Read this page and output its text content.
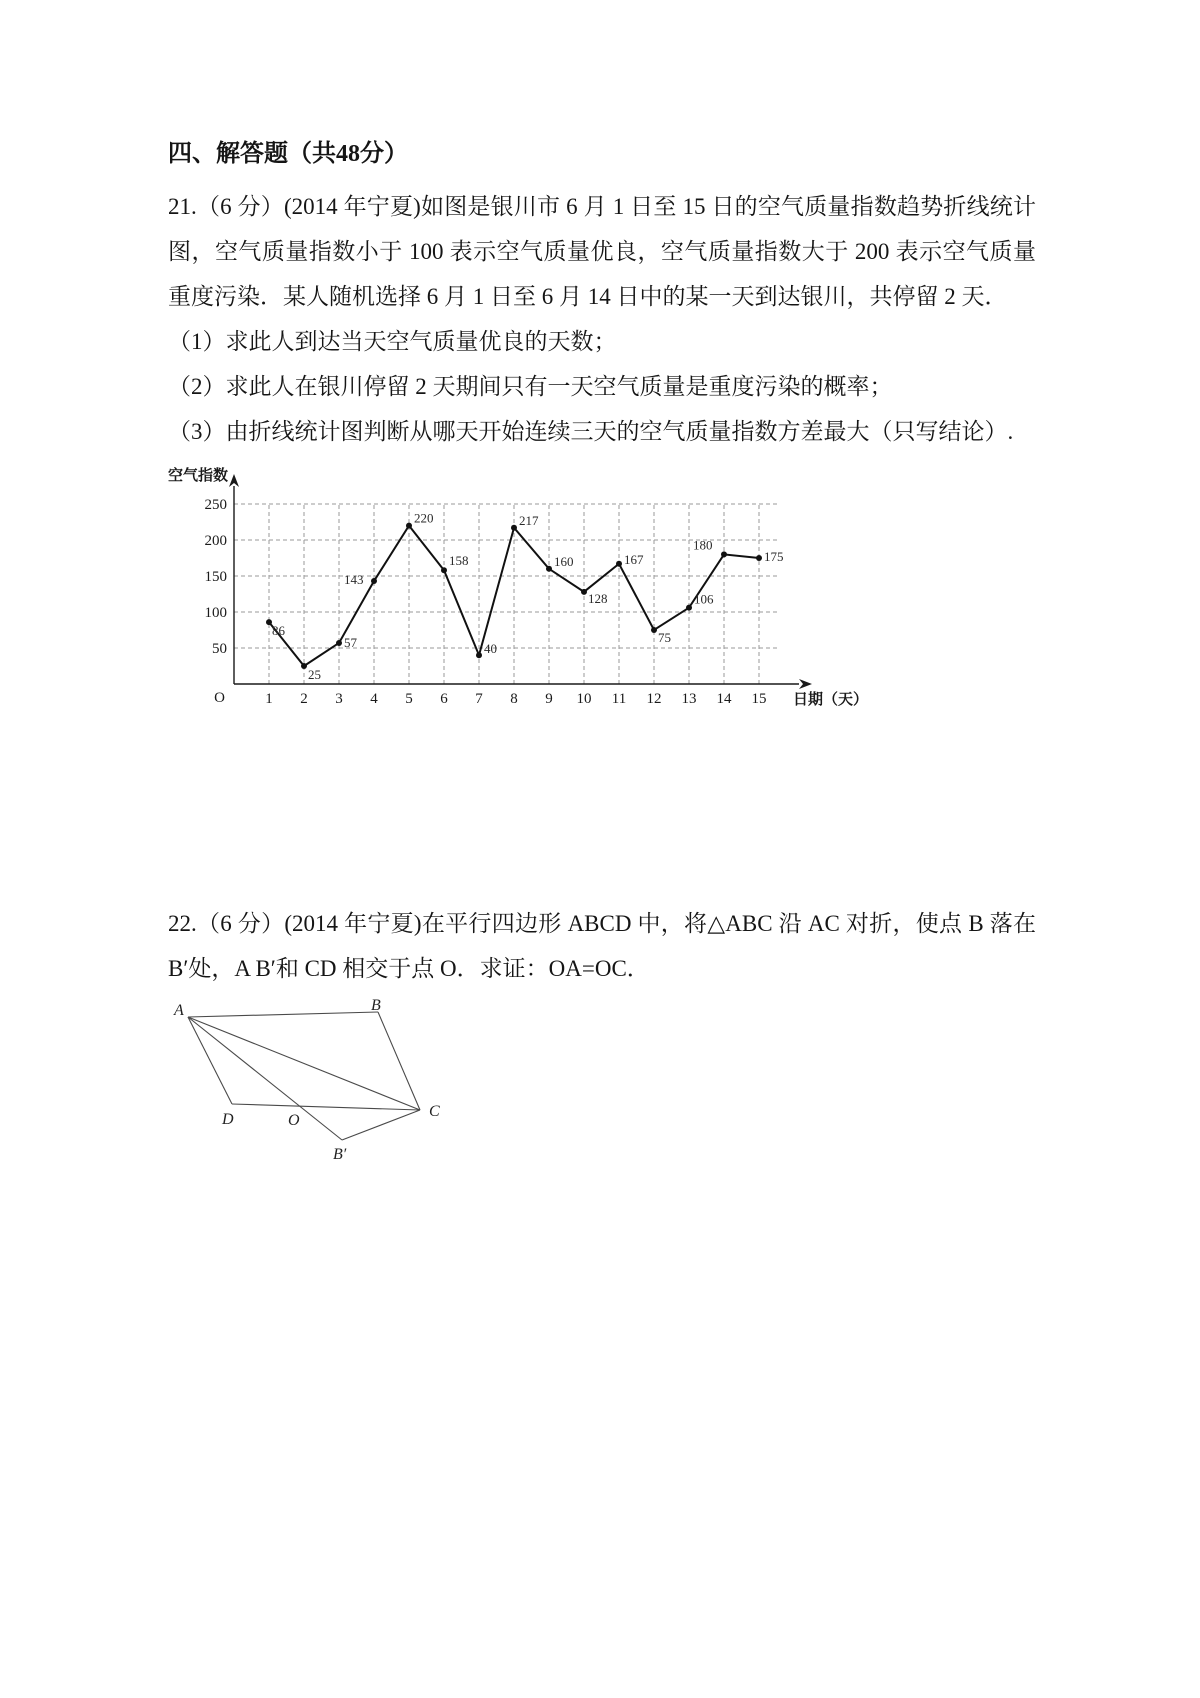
四、解答题（共48分）

21.（6 分）(2014 年宁夏)如图是银川市 6 月 1 日至 15 日的空气质量指数趋势折线统计图，空气质量指数小于 100 表示空气质量优良，空气质量指数大于 200 表示空气质量重度污染．某人随机选择 6 月 1 日至 6 月 14 日中的某一天到达银川，共停留 2 天．

（1）求此人到达当天空气质量优良的天数；

（2）求此人在银川停留 2 天期间只有一天空气质量是重度污染的概率；

（3）由折线统计图判断从哪天开始连续三天的空气质量指数方差最大（只写结论）.

50
100
150
200
250
1 2 3 4 5 6 7 8 9 10 11 12 13 14 15
O
空气指数
日期（天）
86
25
57
143
220
158
40
217
160
128
167
75
106
180
175

22.（6 分）(2014 年宁夏)在平行四边形 ABCD 中，将△ABC 沿 AC 对折，使点 B 落在 B′处，A B′和 CD 相交于点 O．求证：OA=OC．

A	B
C
D	O
B′
